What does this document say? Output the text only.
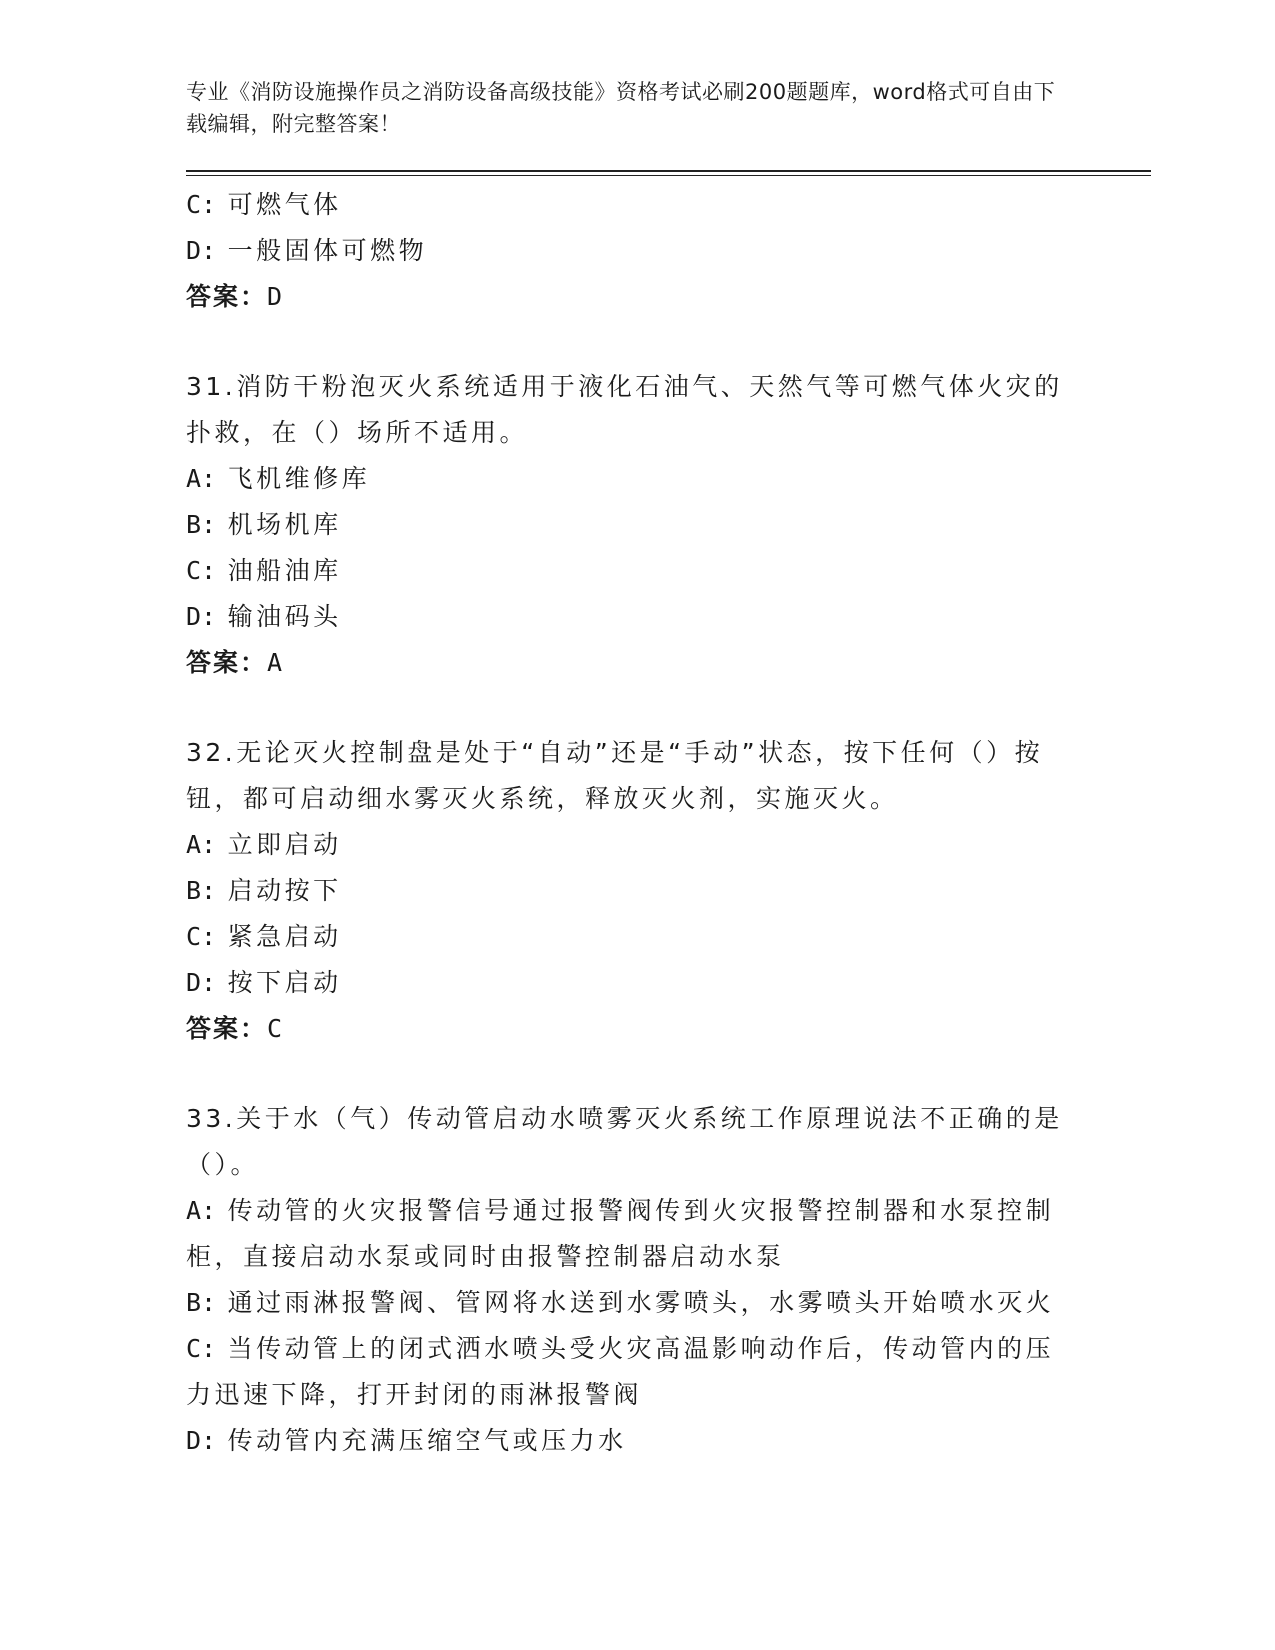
专业《消防设施操作员之消防设备高级技能》资格考试必刷200题题库，word格式可自由下载编辑，附完整答案！
C: 可燃气体
D: 一般固体可燃物
答案：D
31.消防干粉泡灭火系统适用于液化石油气、天然气等可燃气体火灾的扑救，在（）场所不适用。
A: 飞机维修库
B: 机场机库
C: 油船油库
D: 输油码头
答案：A
32.无论灭火控制盘是处于“自动”还是“手动”状态，按下任何（）按钮，都可启动细水雾灭火系统，释放灭火剂，实施灭火。
A: 立即启动
B: 启动按下
C: 紧急启动
D: 按下启动
答案：C
33.关于水（气）传动管启动水喷雾灭火系统工作原理说法不正确的是（）。
A: 传动管的火灾报警信号通过报警阀传到火灾报警控制器和水泵控制柜，直接启动水泵或同时由报警控制器启动水泵
B: 通过雨淋报警阀、管网将水送到水雾喷头，水雾喷头开始喷水灭火
C: 当传动管上的闭式洒水喷头受火灾高温影响动作后，传动管内的压力迅速下降，打开封闭的雨淋报警阀
D: 传动管内充满压缩空气或压力水
